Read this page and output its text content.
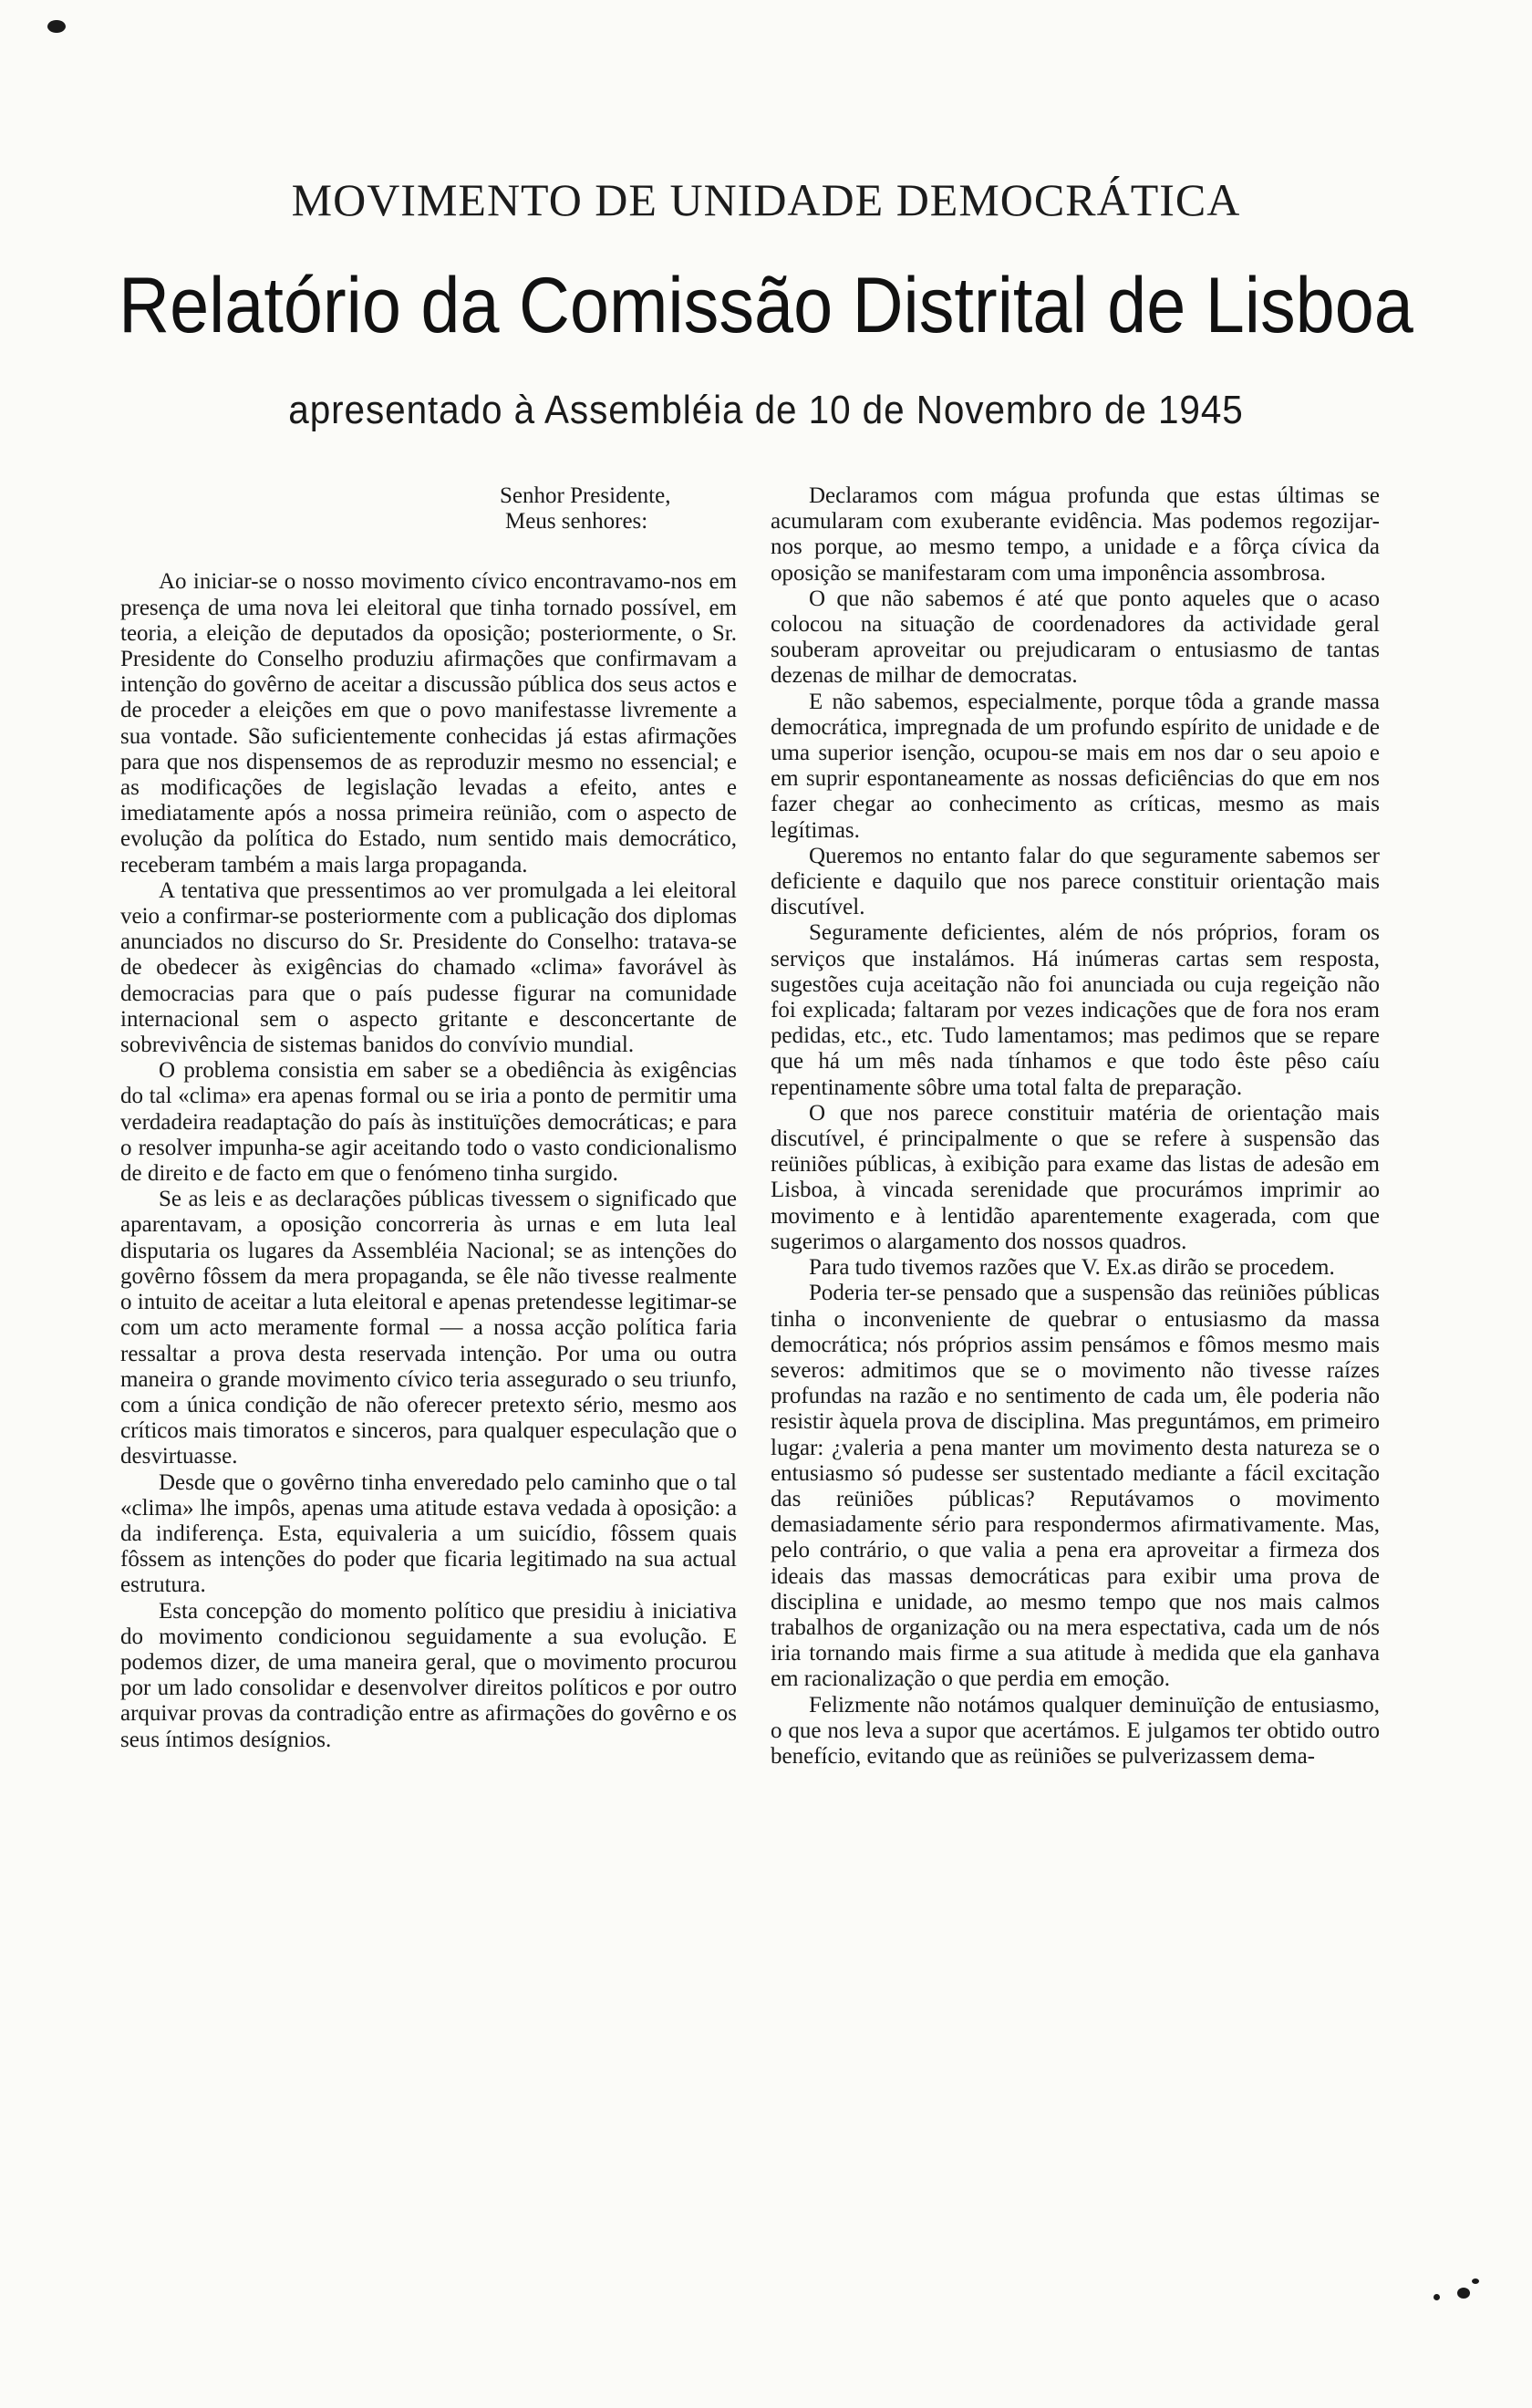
MOVIMENTO DE UNIDADE DEMOCRÁTICA
Relatório da Comissão Distrital de Lisboa
apresentado à Assembléia de 10 de Novembro de 1945
Senhor Presidente,
Meus senhores:

Ao iniciar-se o nosso movimento cívico encontravamo-nos em presença de uma nova lei eleitoral que tinha tornado possível, em teoria, a eleição de deputados da oposição; posteriormente, o Sr. Presidente do Conselho produziu afirmações que confirmavam a intenção do govêrno de aceitar a discussão pública dos seus actos e de proceder a eleições em que o povo manifestasse livremente a sua vontade. São suficientemente conhecidas já estas afirmações para que nos dispensemos de as reproduzir mesmo no essencial; e as modificações de legislação levadas a efeito, antes e imediatamente após a nossa primeira reünião, com o aspecto de evolução da política do Estado, num sentido mais democrático, receberam também a mais larga propaganda.

A tentativa que pressentimos ao ver promulgada a lei eleitoral veio a confirmar-se posteriormente com a publicação dos diplomas anunciados no discurso do Sr. Presidente do Conselho: tratava-se de obedecer às exigências do chamado «clima» favorável às democracias para que o país pudesse figurar na comunidade internacional sem o aspecto gritante e desconcertante de sobrevivência de sistemas banidos do convívio mundial.

O problema consistia em saber se a obediência às exigências do tal «clima» era apenas formal ou se iria a ponto de permitir uma verdadeira readaptação do país às instituïções democráticas; e para o resolver impunha-se agir aceitando todo o vasto condicionalismo de direito e de facto em que o fenómeno tinha surgido.

Se as leis e as declarações públicas tivessem o significado que aparentavam, a oposição concorreria às urnas e em luta leal disputaria os lugares da Assembléia Nacional; se as intenções do govêrno fôssem da mera propaganda, se êle não tivesse realmente o intuito de aceitar a luta eleitoral e apenas pretendesse legitimar-se com um acto meramente formal — a nossa acção política faria ressaltar a prova desta reservada intenção. Por uma ou outra maneira o grande movimento cívico teria assegurado o seu triunfo, com a única condição de não oferecer pretexto sério, mesmo aos críticos mais timoratos e sinceros, para qualquer especulação que o desvirtuasse.

Desde que o govêrno tinha enveredado pelo caminho que o tal «clima» lhe impôs, apenas uma atitude estava vedada à oposição: a da indiferença. Esta, equivaleria a um suicídio, fôssem quais fôssem as intenções do poder que ficaria legitimado na sua actual estrutura.

Esta concepção do momento político que presidiu à iniciativa do movimento condicionou seguidamente a sua evolução. E podemos dizer, de uma maneira geral, que o movimento procurou por um lado consolidar e desenvolver direitos políticos e por outro arquivar provas da contradição entre as afirmações do govêrno e os seus íntimos desígnios.

Declaramos com mágua profunda que estas últimas se acumularam com exuberante evidência. Mas podemos regozijar-nos porque, ao mesmo tempo, a unidade e a fôrça cívica da oposição se manifestaram com uma imponência assombrosa.

O que não sabemos é até que ponto aqueles que o acaso colocou na situação de coordenadores da actividade geral souberam aproveitar ou prejudicaram o entusiasmo de tantas dezenas de milhar de democratas.

E não sabemos, especialmente, porque tôda a grande massa democrática, impregnada de um profundo espírito de unidade e de uma superior isenção, ocupou-se mais em nos dar o seu apoio e em suprir espontaneamente as nossas deficiências do que em nos fazer chegar ao conhecimento as críticas, mesmo as mais legítimas.

Queremos no entanto falar do que seguramente sabemos ser deficiente e daquilo que nos parece constituir orientação mais discutível.

Seguramente deficientes, além de nós próprios, foram os serviços que instalámos. Há inúmeras cartas sem resposta, sugestões cuja aceitação não foi anunciada ou cuja regeição não foi explicada; faltaram por vezes indicações que de fora nos eram pedidas, etc., etc. Tudo lamentamos; mas pedimos que se repare que há um mês nada tínhamos e que todo êste pêso caíu repentinamente sôbre uma total falta de preparação.

O que nos parece constituir matéria de orientação mais discutível, é principalmente o que se refere à suspensão das reüniões públicas, à exibição para exame das listas de adesão em Lisboa, à vincada serenidade que procurámos imprimir ao movimento e à lentidão aparentemente exagerada, com que sugerimos o alargamento dos nossos quadros.

Para tudo tivemos razões que V. Ex.as dirão se procedem.

Poderia ter-se pensado que a suspensão das reüniões públicas tinha o inconveniente de quebrar o entusiasmo da massa democrática; nós próprios assim pensámos e fômos mesmo mais severos: admitimos que se o movimento não tivesse raízes profundas na razão e no sentimento de cada um, êle poderia não resistir àquela prova de disciplina. Mas preguntámos, em primeiro lugar: ¿valeria a pena manter um movimento desta natureza se o entusiasmo só pudesse ser sustentado mediante a fácil excitação das reüniões públicas? Reputávamos o movimento demasiadamente sério para respondermos afirmativamente. Mas, pelo contrário, o que valia a pena era aproveitar a firmeza dos ideais das massas democráticas para exibir uma prova de disciplina e unidade, ao mesmo tempo que nos mais calmos trabalhos de organização ou na mera espectativa, cada um de nós iria tornando mais firme a sua atitude à medida que ela ganhava em racionalização o que perdia em emoção.

Felizmente não notámos qualquer deminuïção de entusiasmo, o que nos leva a supor que acertámos. E julgamos ter obtido outro benefício, evitando que as reüniões se pulverizassem dema-
